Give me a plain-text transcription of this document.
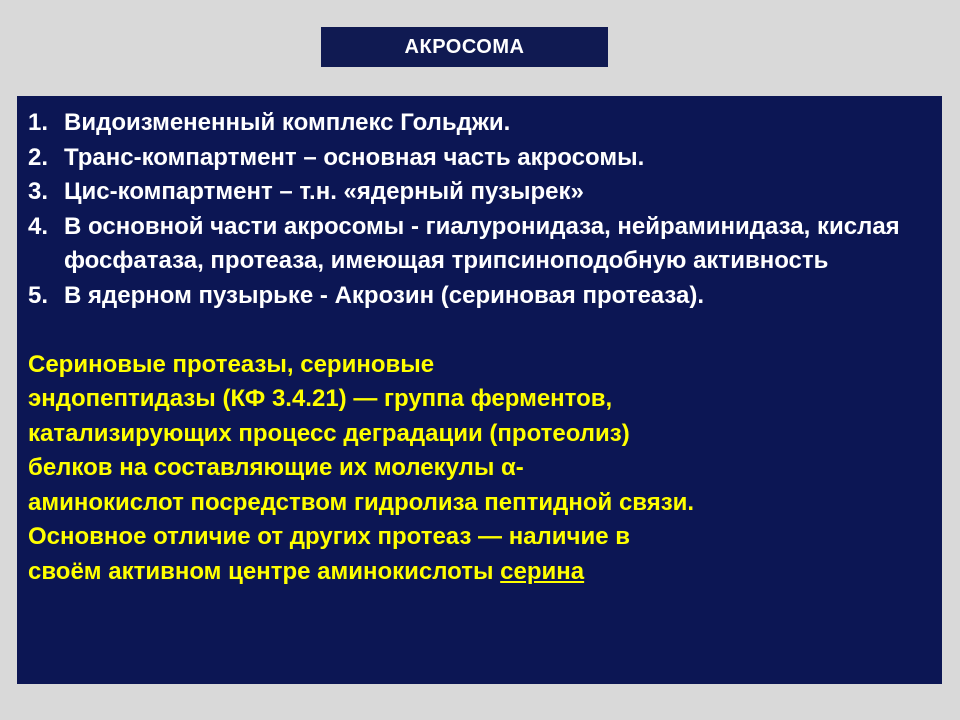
АКРОСОМА
1. Видоизмененный комплекс Гольджи.
2. Транс-компартмент – основная часть акросомы.
3. Цис-компартмент – т.н. «ядерный пузырек»
4. В основной части акросомы - гиалуронидаза, нейраминидаза, кислая фосфатаза, протеаза, имеющая трипсиноподобную активность
5. В ядерном пузырьке - Акрозин (сериновая протеаза).
Сериновые протеазы, сериновые
эндопептидазы (КФ 3.4.21) — группа ферментов,
катализирующих процесс деградации (протеолиз)
белков на составляющие их молекулы α-
аминокислот посредством гидролиза пептидной связи.
Основное отличие от других протеаз — наличие в
своём активном центре аминокислоты серина
